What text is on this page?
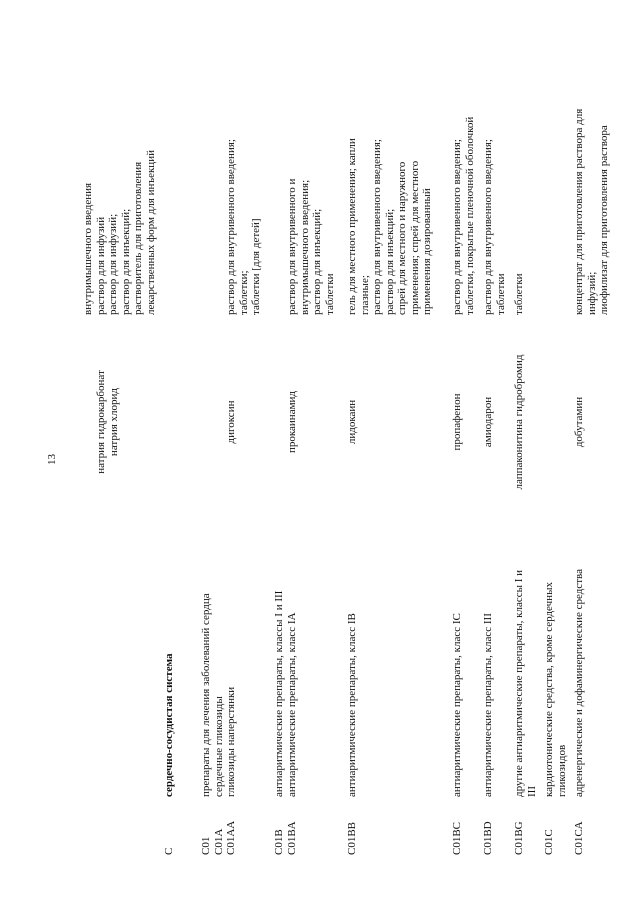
13	натрия гидрокарбонат натрия хлорид
внутримышечного введения раствор для инфузий раствор для инфузий; раствор для инъекций; растворитель для приготовления лекарственных форм для инъекций
C
сердечно-сосудистая система
C01
препараты для лечения заболеваний сердца
C01A
сердечные гликозиды
C01AA
гликозиды наперстянки
дигоксин
раствор для внутривенного введения; таблетки; таблетки [для детей]
C01B
антиаритмические препараты, классы I и III
C01BA
антиаритмические препараты, класс IA
прокаинамид
раствор для внутривенного и внутримышечного введения; раствор для инъекций; таблетки
C01BB
антиаритмические препараты, класс IB
лидокаин
гель для местного применения; капли глазные; раствор для внутривенного введения; раствор для инъекций; спрей для местного и наружного применения; спрей для местного применения дозированный
C01BC
антиаритмические препараты, класс IC
пропафенон
раствор для внутривенного введения; таблетки, покрытые пленочной оболочкой
C01BD
антиаритмические препараты, класс III
амиодарон
раствор для внутривенного введения; таблетки
C01BG
другие антиаритмические препараты, классы I и III
лаппаконитина гидробромид
таблетки
C01C
кардиотонические средства, кроме сердечных гликозидов
C01CA
адренергические и дофаминергические средства
добутамин
концентрат для приготовления раствора для инфузий; лиофилизат для приготовления раствора
